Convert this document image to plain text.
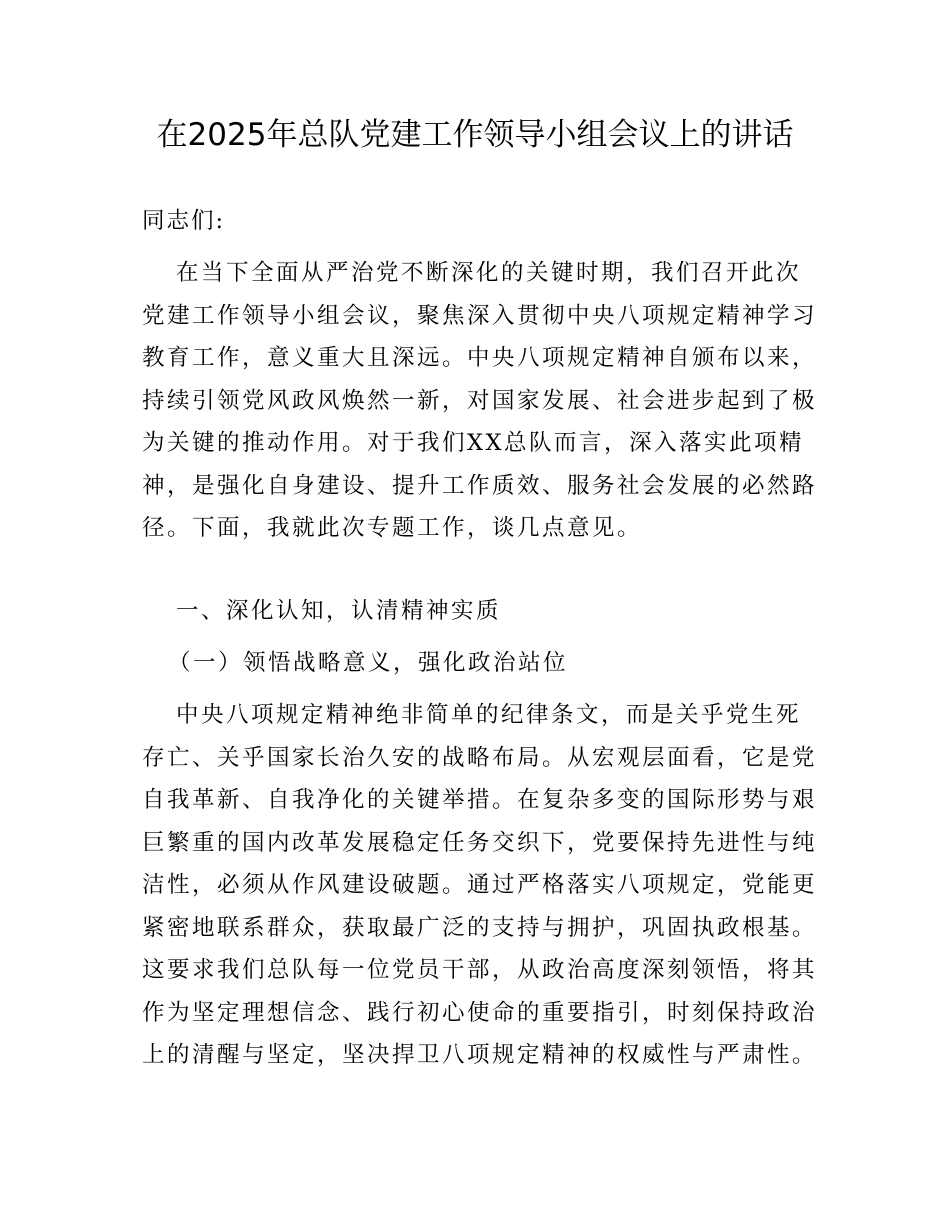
在2025年总队党建工作领导小组会议上的讲话
同志们:
在当下全面从严治党不断深化的关键时期，我们召开此次
党建工作领导小组会议，聚焦深入贯彻中央八项规定精神学习
教育工作，意义重大且深远。中央八项规定精神自颁布以来，
持续引领党风政风焕然一新，对国家发展、社会进步起到了极
为关键的推动作用。对于我们XX总队而言，深入落实此项精
神，是强化自身建设、提升工作质效、服务社会发展的必然路
径。下面，我就此次专题工作，谈几点意见。
一、深化认知，认清精神实质
（一）领悟战略意义，强化政治站位
中央八项规定精神绝非简单的纪律条文，而是关乎党生死
存亡、关乎国家长治久安的战略布局。从宏观层面看，它是党
自我革新、自我净化的关键举措。在复杂多变的国际形势与艰
巨繁重的国内改革发展稳定任务交织下，党要保持先进性与纯
洁性，必须从作风建设破题。通过严格落实八项规定，党能更
紧密地联系群众，获取最广泛的支持与拥护，巩固执政根基。
这要求我们总队每一位党员干部，从政治高度深刻领悟，将其
作为坚定理想信念、践行初心使命的重要指引，时刻保持政治
上的清醒与坚定，坚决捍卫八项规定精神的权威性与严肃性。
